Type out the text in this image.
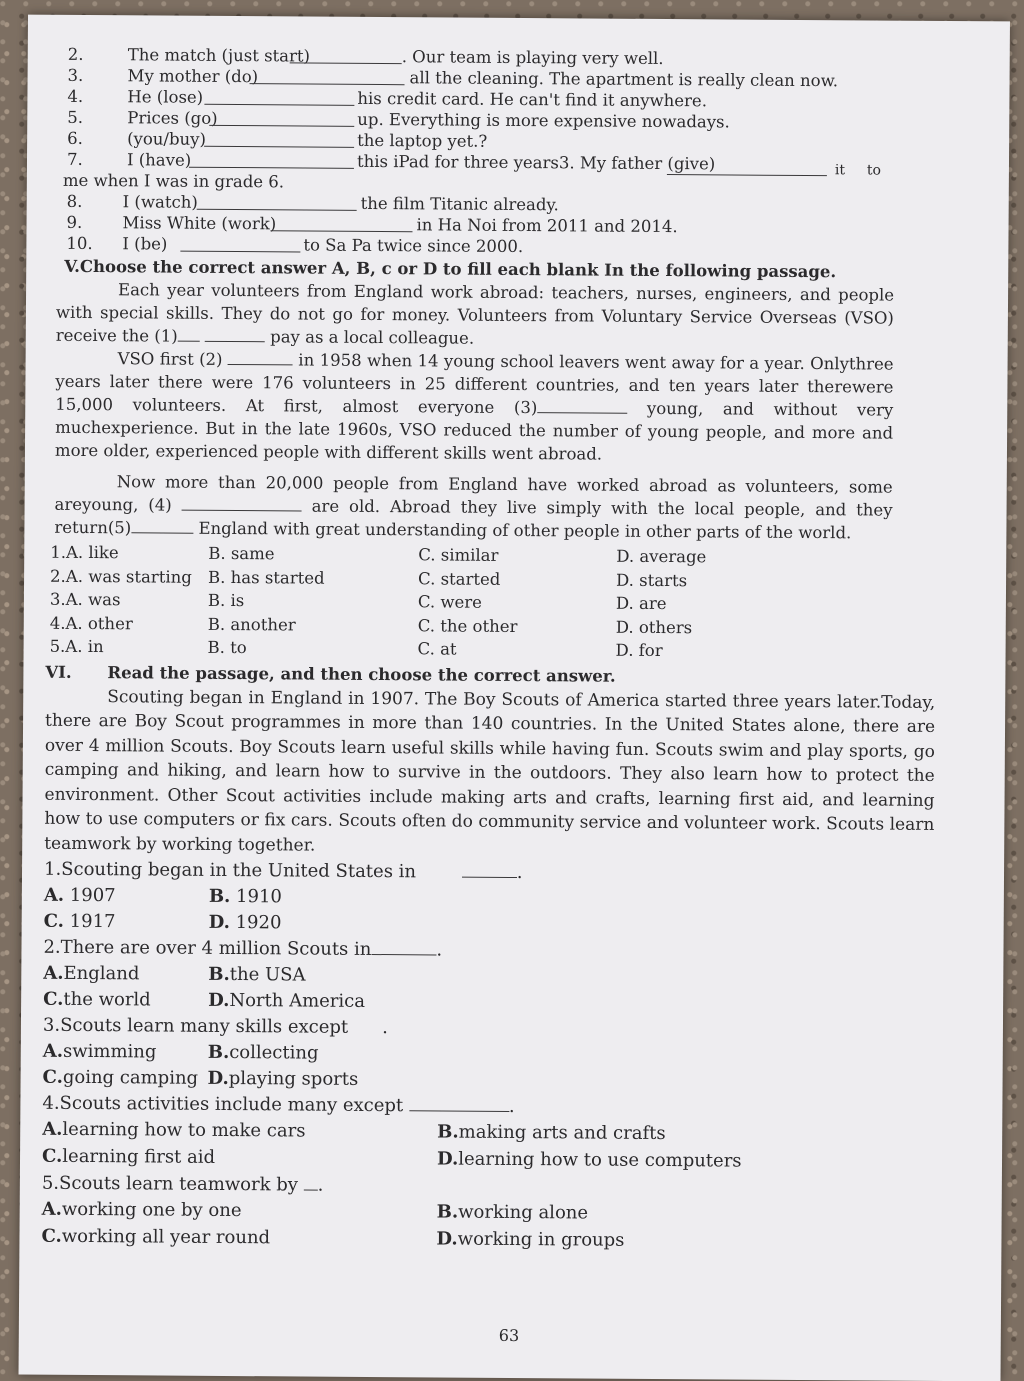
2.	The match (just start)	. Our team is playing very well.
3.	My mother (do)	all the cleaning. The apartment is really clean now.
4.	He (lose)	his credit card. He can't find it anywhere.
5.	Prices (go)	up. Everything is more expensive nowadays.
6.	(you/buy)	the laptop yet.?
7.	I (have)	this iPad for three years3. My father (give)	it to
me when I was in grade 6.
8.	I (watch)	the film Titanic already.
9.	Miss White (work)	in Ha Noi from 2011 and 2014.
10.	I (be)	to Sa Pa twice since 2000.
V.Choose the correct answer A, B, c or D to fill each blank In the following passage.

Each year volunteers from England work abroad: teachers, nurses, engineers, and people with special skills. They do not go for money. Volunteers from Voluntary Service Overseas (VSO) receive the (1)	pay as a local colleague.

VSO first (2)	in 1958 when 14 young school leavers went away for a year. Onlythree years later there were 176 volunteers in 25 different countries, and ten years later therewere 15,000 volunteers. At first, almost everyone (3)	young, and without very muchexperience. But in the late 1960s, VSO reduced the number of young people, and more and more older, experienced people with different skills went abroad.

Now more than 20,000 people from England have worked abroad as volunteers, some areyoung, (4)	are old. Abroad they live simply with the local people, and they return(5)	England with great understanding of other people in other parts of the world.

1.A. like	B. same	C. similar	D. average
2.A. was starting B. has started	C. started	D. starts
3.A. was	B. is	C. were	D. are
4.A. other	B. another	C. the other	D. others
5.A. in	B. to	C. at	D. for
VI.	Read the passage, and then choose the correct answer.

Scouting began in England in 1907. The Boy Scouts of America started three years later.Today, there are Boy Scout programmes in more than 140 countries. In the United States alone, there are over 4 million Scouts. Boy Scouts learn useful skills while having fun. Scouts swim and play sports, go camping and hiking, and learn how to survive in the outdoors. They also learn how to protect the environment. Other Scout activities include making arts and crafts, learning first aid, and learning how to use computers or fix cars. Scouts often do community service and volunteer work. Scouts learn teamwork by working together.

1.Scouting began in the United States in	.
A. 1907	B. 1910
C. 1917	D. 1920
2.There are over 4 million Scouts in	.
A.England	B.the USA
C.the world	D.North America
3.Scouts learn many skills except .
A.swimming	B.collecting
C.going camping D.playing sports
4.Scouts activities include many except	.
A.learning how to make cars	B.making arts and crafts
C.learning first aid	D.learning how to use computers
5.Scouts learn teamwork by .
A.working one by one	B.working alone
C.working all year round	D.working in groups
63
